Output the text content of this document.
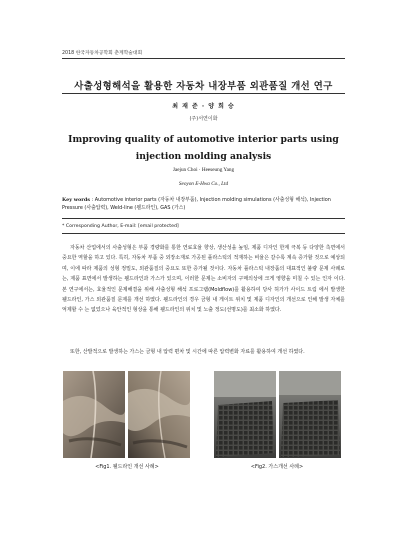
2018 한국자동차공학회 춘계학술대회
사출성형해석을 활용한 자동차 내장부품 외관품질 개선 연구
최 재 준 · 양 희 승
(주)서연이화
Improving quality of automotive interior parts using injection molding analysis
Jaejun Choi · Heeseung Yang
Seoyon E-Hwa Co., Ltd
Key words : Automotive interior parts (자동차 내장부품), Injection molding simulations (사출성형 해석), Injection Pressure (사출압력), Weld-line (웰드라인), GAS (가스)
* Corresponding Author, E-mail: [email protected]

자동차 산업에서의 사출성형은 부품 경량화를 통한 연료효율 향상, 생산성을 높임, 제품 디자인 한계 극복 등 다양한 측면에서 중요한 역할을 하고 있다. 특히, 자동차 부품 중 외장소재로 가공된 플라스틱의 적재하는 비율은 갈수록 계속 증가할 것으로 예상되며, 이에 따라 제품의 성형 정밀도, 외관품질의 중요도 또한 증가될 것이다. 자동차 플라스틱 내장품의 대표적인 불량 문제 사례로는, 제품 표면에서 발생하는 웰드라인과 가스가 있으며, 이러한 문제는 소비자의 구매의상에 크게 영향을 미칠 수 있는 인자 이다. 본 연구에서는, 효율적인 문제해결을 위해 사출성형 해석 프로그램(Moldflow)를 활용하여 당사 허가가 사이드 트림 에서 발생한 웰드라인, 가스 외관품질 문제를 개선 하였다. 웰드라인의 경우 금형 내 게이트 위치 및 제품 디자인의 개선으로 인해 발생 자체를 억제할 수 는 없었으나 육안적인 형상을 통해 웰드라인의 위치 및 노출 정도(선명도)를 최소화 하였다.

또한, 산발적으로 발생하는 가스는 금형 내 압력 편차 및 시간에 따른 압력변화 자료를 활용하여 개선 하였다.

<Fig1. 웰드라인 개선 사례>	<Fig2. 가스개선 사례>
